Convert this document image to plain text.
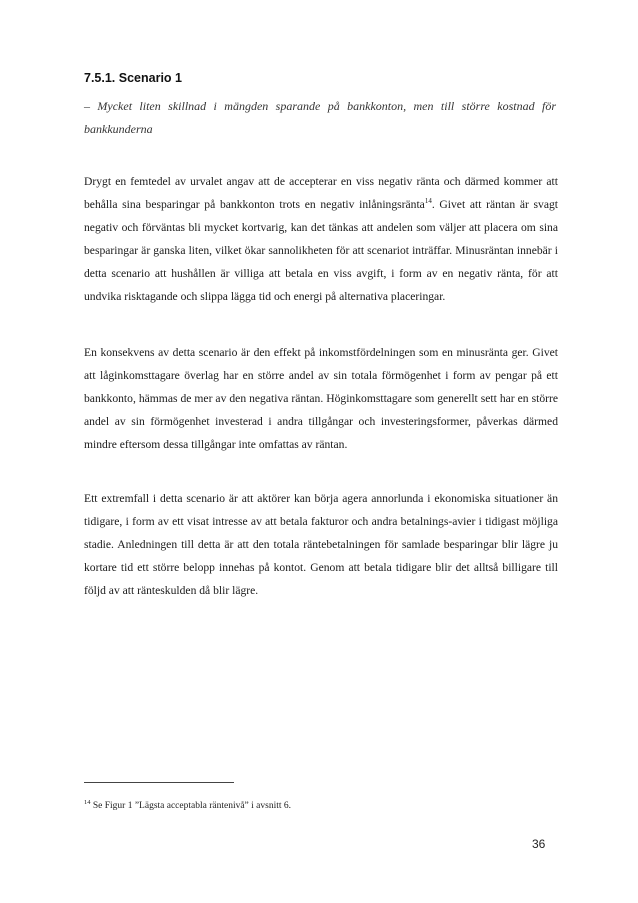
7.5.1. Scenario 1
– Mycket liten skillnad i mängden sparande på bankkonton, men till större kostnad för bankkunderna

Drygt en femtedel av urvalet angav att de accepterar en viss negativ ränta och därmed kommer att behålla sina besparingar på bankkonton trots en negativ inlåningsränta$^{14}$. Givet att räntan är svagt negativ och förväntas bli mycket kortvarig, kan det tänkas att andelen som väljer att placera om sina besparingar är ganska liten, vilket ökar sannolikheten för att scenariot inträffar. Minusräntan innebär i detta scenario att hushållen är villiga att betala en viss avgift, i form av en negativ ränta, för att undvika risktagande och slippa lägga tid och energi på alternativa placeringar.

En konsekvens av detta scenario är den effekt på inkomstfördelningen som en minusränta ger. Givet att låginkomsttagare överlag har en större andel av sin totala förmögenhet i form av pengar på ett bankkonto, hämmas de mer av den negativa räntan. Höginkomsttagare som generellt sett har en större andel av sin förmögenhet investerad i andra tillgångar och investeringsformer, påverkas därmed mindre eftersom dessa tillgångar inte omfattas av räntan.

Ett extremfall i detta scenario är att aktörer kan börja agera annorlunda i ekonomiska situationer än tidigare, i form av ett visat intresse av att betala fakturor och andra betalnings-avier i tidigast möjliga stadie. Anledningen till detta är att den totala räntebetalningen för samlade besparingar blir lägre ju kortare tid ett större belopp innehas på kontot. Genom att betala tidigare blir det alltså billigare till följd av att ränteskulden då blir lägre.

$^{14}$ Se Figur 1 ”Lägsta acceptabla räntenivå” i avsnitt 6.
36
